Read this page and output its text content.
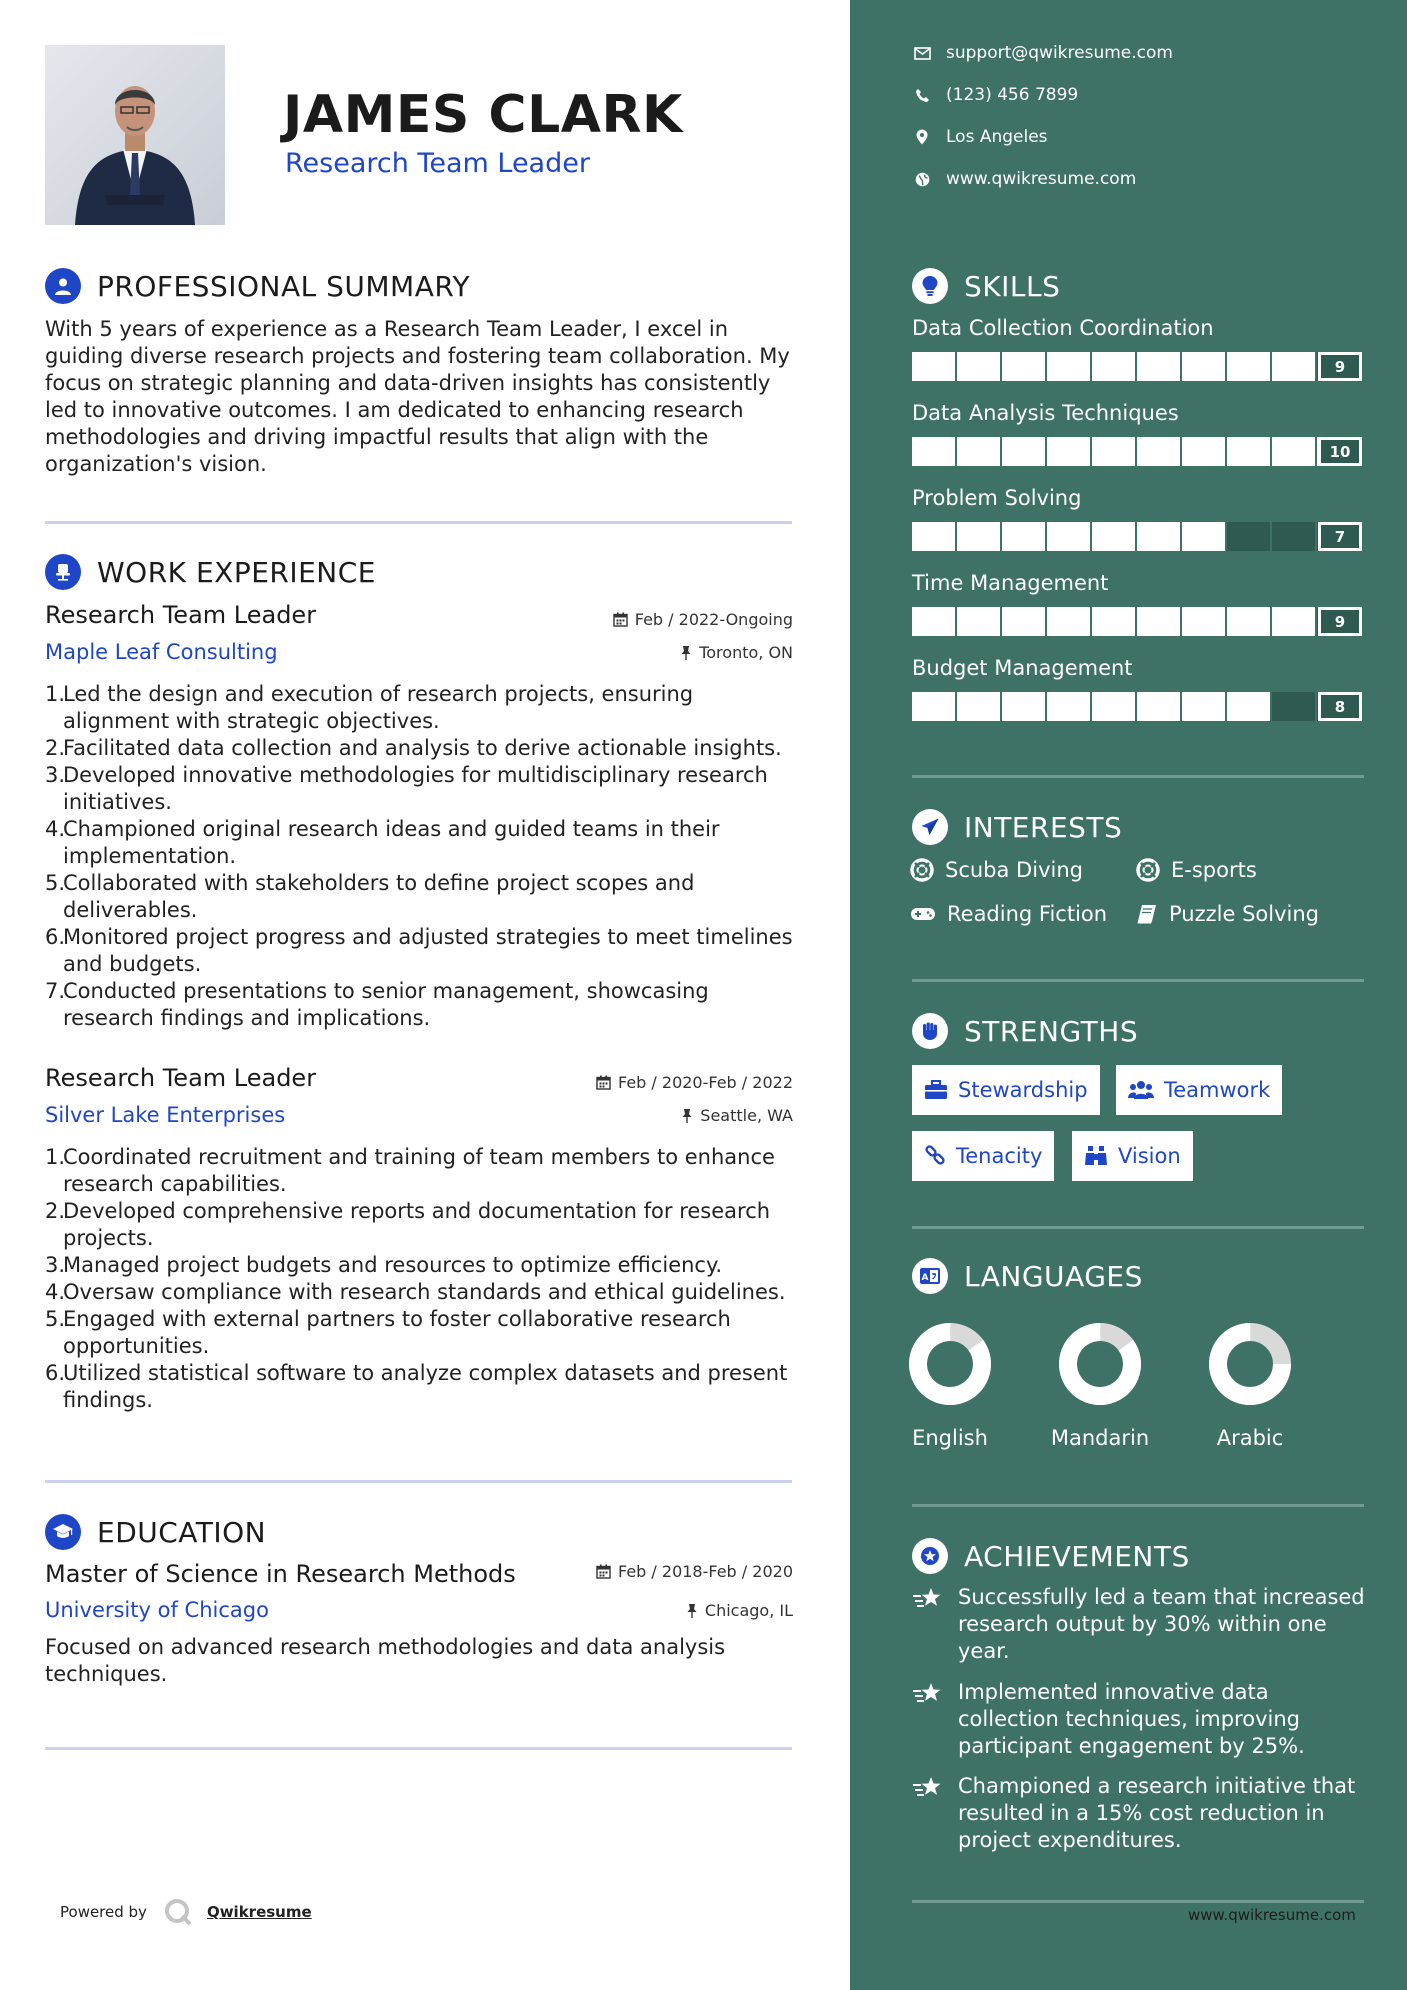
JAMES CLARK
Research Team Leader
PROFESSIONAL SUMMARY
With 5 years of experience as a Research Team Leader, I excel in guiding diverse research projects and fostering team collaboration. My focus on strategic planning and data-driven insights has consistently led to innovative outcomes. I am dedicated to enhancing research methodologies and driving impactful results that align with the organization's vision.
WORK EXPERIENCE
Research Team Leader	Feb / 2022-Ongoing
Maple Leaf Consulting	Toronto, ON
1.
Led the design and execution of research projects, ensuring alignment with strategic objectives.
2.
Facilitated data collection and analysis to derive actionable insights.
3.
Developed innovative methodologies for multidisciplinary research initiatives.
4.
Championed original research ideas and guided teams in their implementation.
5.
Collaborated with stakeholders to define project scopes and deliverables.
6.
Monitored project progress and adjusted strategies to meet timelines and budgets.
7.
Conducted presentations to senior management, showcasing research findings and implications.
Research Team Leader	Feb / 2020-Feb / 2022
Silver Lake Enterprises	Seattle, WA
1.
Coordinated recruitment and training of team members to enhance research capabilities.
2.
Developed comprehensive reports and documentation for research projects.
3.
Managed project budgets and resources to optimize efficiency.
4.
Oversaw compliance with research standards and ethical guidelines.
5.
Engaged with external partners to foster collaborative research opportunities.
6.
Utilized statistical software to analyze complex datasets and present findings.
EDUCATION
Master of Science in Research Methods	Feb / 2018-Feb / 2020
University of Chicago	Chicago, IL
Focused on advanced research methodologies and data analysis techniques.
Powered by	Qwikresume
support@qwikresume.com
(123) 456 7899
Los Angeles
www.qwikresume.com
SKILLS
Data Collection Coordination
9
Data Analysis Techniques
10
Problem Solving
7
Time Management
9
Budget Management
8
INTERESTS
Scuba Diving	E-sports
Reading Fiction	Puzzle Solving
STRENGTHS
Stewardship	Teamwork
Tenacity	Vision
A LANGUAGES
English	Mandarin	Arabic
ACHIEVEMENTS
Successfully led a team that increased research output by 30% within one year.
Implemented innovative data collection techniques, improving participant engagement by 25%.
Championed a research initiative that resulted in a 15% cost reduction in project expenditures.
www.qwikresume.com
